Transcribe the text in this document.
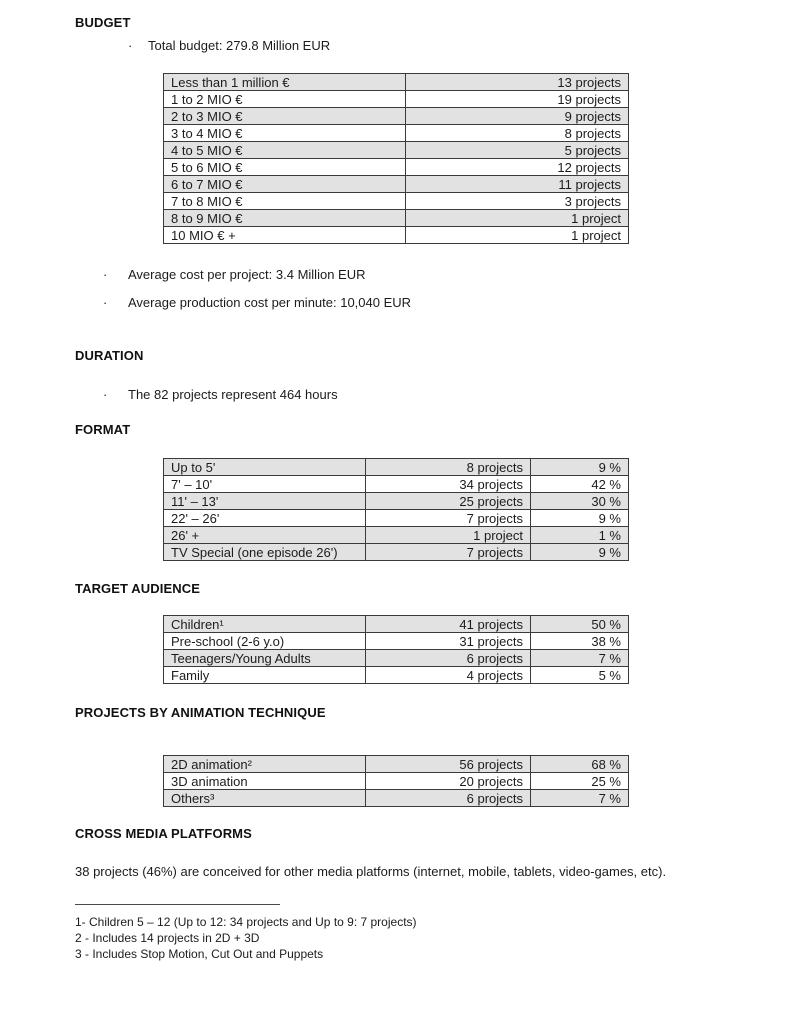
BUDGET
·	Total budget: 279.8 Million EUR
Less than 1 million €	13 projects
1 to 2 MIO €	19 projects
2 to 3 MIO €	9 projects
3 to 4 MIO €	8 projects
4 to 5 MIO €	5 projects
5 to 6 MIO €	12 projects
6 to 7 MIO €	11 projects
7 to 8 MIO €	3 projects
8 to 9 MIO €	1 project
10 MIO € +	1 project
·	Average cost per project: 3.4 Million EUR
·	Average production cost per minute: 10,040 EUR
DURATION
·	The 82 projects represent 464 hours
FORMAT
Up to 5'	8 projects	9 %
7' – 10'	34 projects	42 %
11' – 13'	25 projects	30 %
22' – 26'	7 projects	9 %
26' +	1 project	1 %
TV Special (one episode 26')	7 projects	9 %
TARGET AUDIENCE
Children¹	41 projects	50 %
Pre-school (2-6 y.o)	31 projects	38 %
Teenagers/Young Adults	6 projects	7 %
Family	4 projects	5 %
PROJECTS BY ANIMATION TECHNIQUE
2D animation²	56 projects	68 %
3D animation	20 projects	25 %
Others³	6 projects	7 %
CROSS MEDIA PLATFORMS

38 projects (46%) are conceived for other media platforms (internet, mobile, tablets, video-games, etc).

1- Children 5 – 12 (Up to 12: 34 projects and Up to 9: 7 projects)
2 - Includes 14 projects in 2D + 3D
3 - Includes Stop Motion, Cut Out and Puppets
